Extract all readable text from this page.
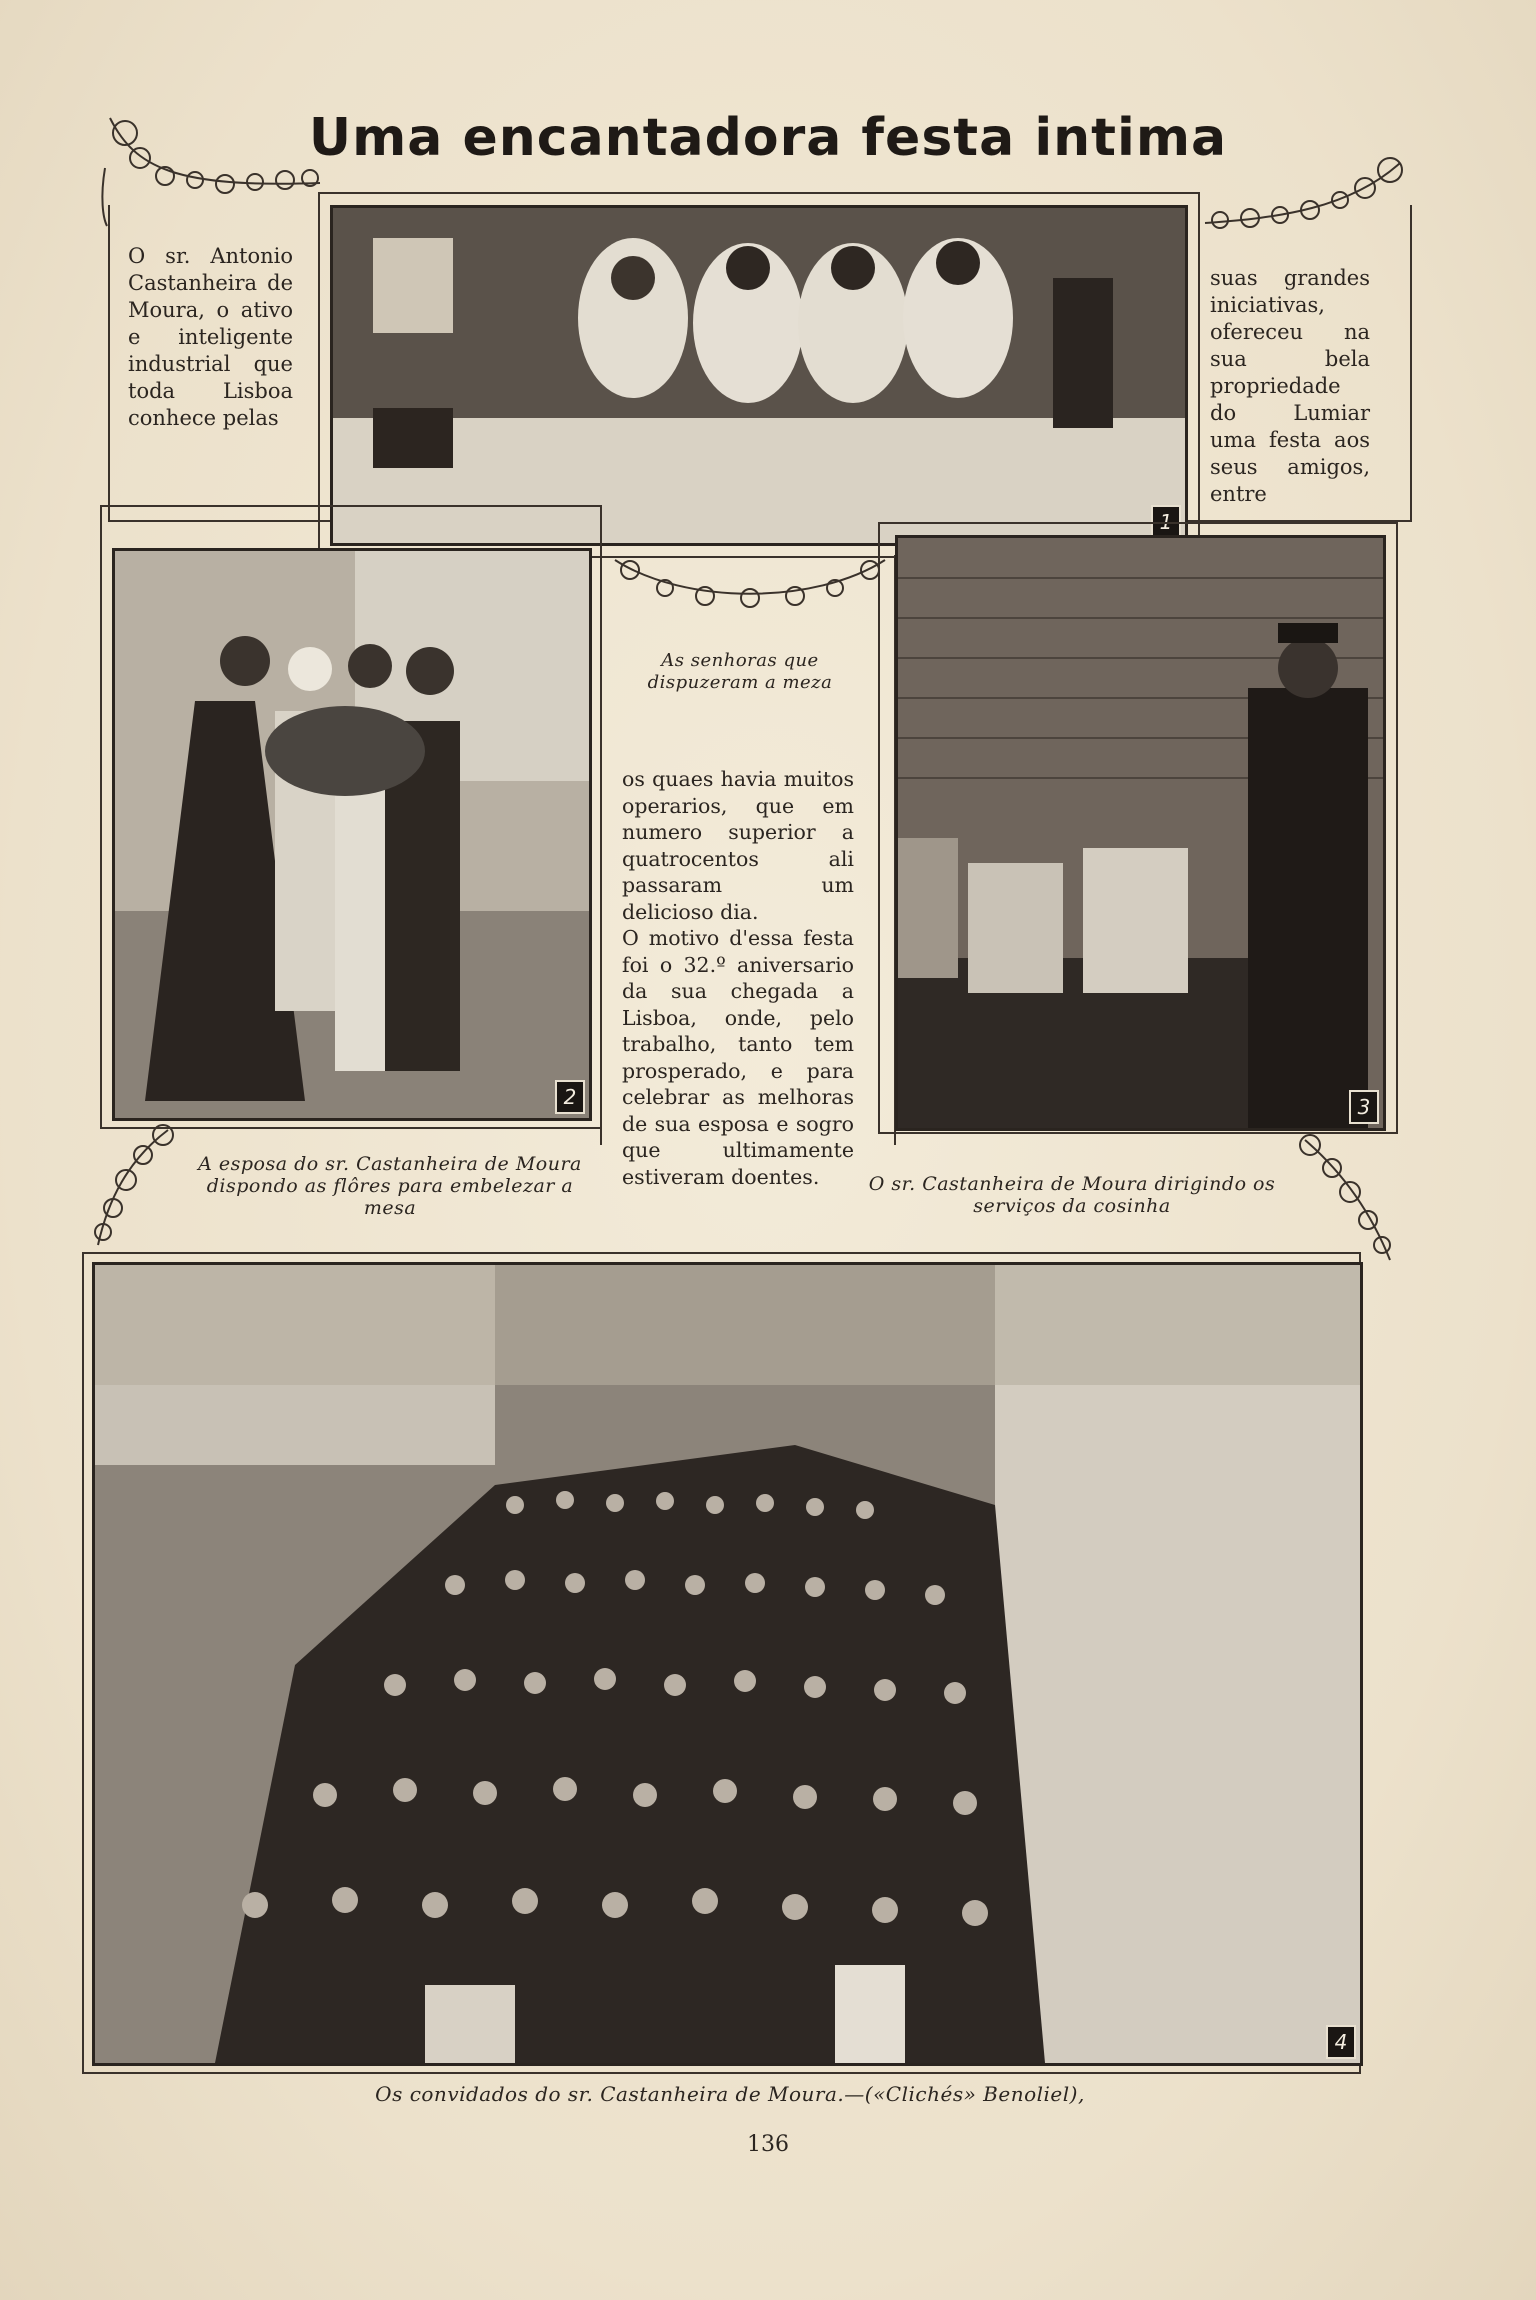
Uma encantadora festa intima
O sr. Antonio Castanheira de Moura, o ativo e inteligente industrial que toda Lisboa conhece pelas
suas grandes iniciativas, ofereceu na sua bela propriedade do Lumiar uma festa aos seus amigos, entre
1
2
As senhoras que dispuzeram a meza
os quaes havia muitos operarios, que em numero superior a quatrocentos ali passaram um delicioso dia.
O motivo d'essa festa foi o 32.º aniversario da sua chegada a Lisboa, onde, pelo trabalho, tanto tem prosperado, e para celebrar as melhoras de sua esposa e sogro que ultimamente estiveram doentes.
3
A esposa do sr. Castanheira de Moura dispondo as flôres para embelezar a mesa
O sr. Castanheira de Moura dirigindo os serviços da cosinha
4
Os convidados do sr. Castanheira de Moura.—(«Clichés» Benoliel),
136
